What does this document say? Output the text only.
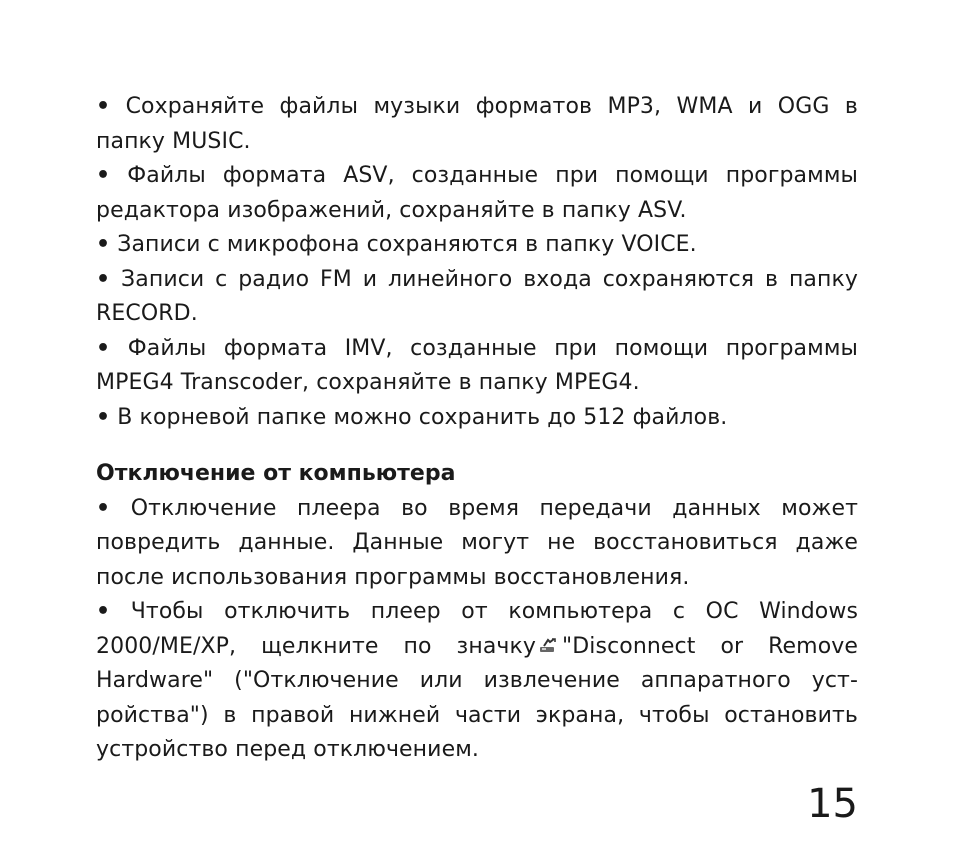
• Сохраняйте файлы музыки форматов MP3, WMA и OGG в папку MUSIC.

• Файлы формата ASV, созданные при помощи программы редактора изображений, сохраняйте в папку ASV.

• Записи с микрофона сохраняются в папку VOICE.

• Записи с радио FM и линейного входа сохраняются в папку RECORD.

• Файлы формата IMV, созданные при помощи программы MPEG4 Transcoder, сохраняйте в папку MPEG4.

• В корневой папке можно сохранить до 512 файлов.

Отключение от компьютера

• Отключение плеера во время передачи данных может повредить данные. Данные могут не восстановиться даже после использования программы восстановления.

• Чтобы отключить плеер от компьютера с ОС Windows 2000/ME/XP, щелкните по значку "Disconnect or Remove Hardware" ("Отключение или извлечение аппаратного уст-ройства") в правой нижней части экрана, чтобы остановить устройство перед отключением.

15
